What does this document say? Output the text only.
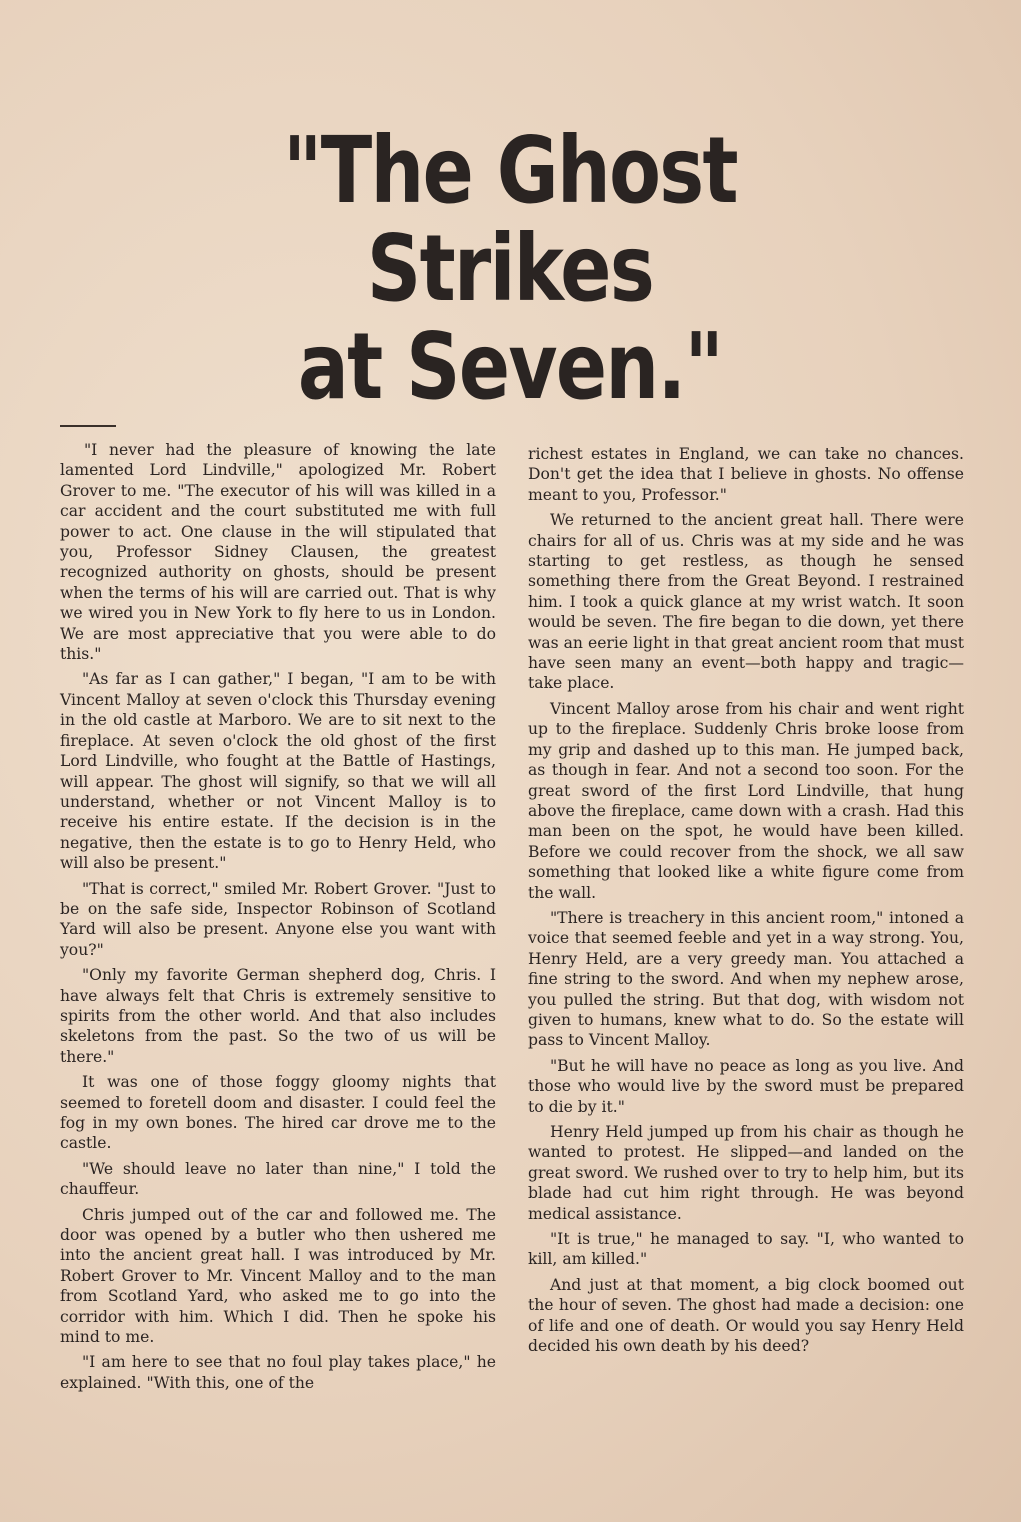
"The Ghost Strikes
at Seven."

"I never had the pleasure of knowing the late lamented Lord Lindville," apologized Mr. Robert Grover to me. "The executor of his will was killed in a car accident and the court substituted me with full power to act. One clause in the will stipulated that you, Professor Sidney Clausen, the greatest recognized authority on ghosts, should be present when the terms of his will are carried out. That is why we wired you in New York to fly here to us in London. We are most appreciative that you were able to do this."

"As far as I can gather," I began, "I am to be with Vincent Malloy at seven o'clock this Thursday evening in the old castle at Marboro. We are to sit next to the fireplace. At seven o'clock the old ghost of the first Lord Lindville, who fought at the Battle of Hastings, will appear. The ghost will signify, so that we will all understand, whether or not Vincent Malloy is to receive his entire estate. If the decision is in the negative, then the estate is to go to Henry Held, who will also be present."

"That is correct," smiled Mr. Robert Grover. "Just to be on the safe side, Inspector Robinson of Scotland Yard will also be present. Anyone else you want with you?"

"Only my favorite German shepherd dog, Chris. I have always felt that Chris is extremely sensitive to spirits from the other world. And that also includes skeletons from the past. So the two of us will be there."

It was one of those foggy gloomy nights that seemed to foretell doom and disaster. I could feel the fog in my own bones. The hired car drove me to the castle.

"We should leave no later than nine," I told the chauffeur.

Chris jumped out of the car and followed me. The door was opened by a butler who then ushered me into the ancient great hall. I was introduced by Mr. Robert Grover to Mr. Vincent Malloy and to the man from Scotland Yard, who asked me to go into the corridor with him. Which I did. Then he spoke his mind to me.

"I am here to see that no foul play takes place," he explained. "With this, one of the

richest estates in England, we can take no chances. Don't get the idea that I believe in ghosts. No offense meant to you, Professor."

We returned to the ancient great hall. There were chairs for all of us. Chris was at my side and he was starting to get restless, as though he sensed something there from the Great Beyond. I restrained him. I took a quick glance at my wrist watch. It soon would be seven. The fire began to die down, yet there was an eerie light in that great ancient room that must have seen many an event—both happy and tragic—take place.

Vincent Malloy arose from his chair and went right up to the fireplace. Suddenly Chris broke loose from my grip and dashed up to this man. He jumped back, as though in fear. And not a second too soon. For the great sword of the first Lord Lindville, that hung above the fireplace, came down with a crash. Had this man been on the spot, he would have been killed. Before we could recover from the shock, we all saw something that looked like a white figure come from the wall.

"There is treachery in this ancient room," intoned a voice that seemed feeble and yet in a way strong. You, Henry Held, are a very greedy man. You attached a fine string to the sword. And when my nephew arose, you pulled the string. But that dog, with wisdom not given to humans, knew what to do. So the estate will pass to Vincent Malloy.

"But he will have no peace as long as you live. And those who would live by the sword must be prepared to die by it."

Henry Held jumped up from his chair as though he wanted to protest. He slipped—and landed on the great sword. We rushed over to try to help him, but its blade had cut him right through. He was beyond medical assistance.

"It is true," he managed to say. "I, who wanted to kill, am killed."

And just at that moment, a big clock boomed out the hour of seven. The ghost had made a decision: one of life and one of death. Or would you say Henry Held decided his own death by his deed?
